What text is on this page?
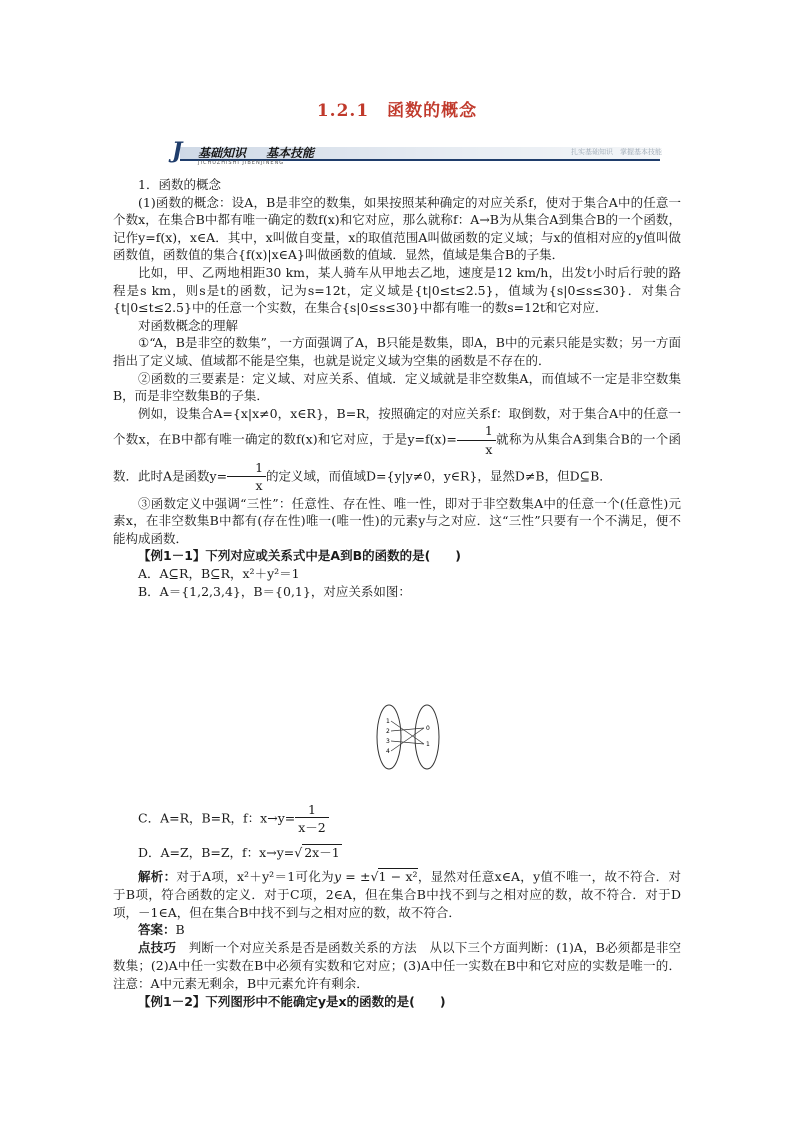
1.2.1　函数的概念
J 基础知识 基本技能
JICHUZHISHI JIBENJINENG
扎实基础知识　掌握基本技能

1．函数的概念

(1)函数的概念：设A，B是非空的数集，如果按照某种确定的对应关系f，使对于集合A中的任意一个数x，在集合B中都有唯一确定的数f(x)和它对应，那么就称f：A→B为从集合A到集合B的一个函数，记作y=f(x)，x∈A．其中，x叫做自变量，x的取值范围A叫做函数的定义域；与x的值相对应的y值叫做函数值，函数值的集合{f(x)|x∈A}叫做函数的值域．显然，值域是集合B的子集．

比如，甲、乙两地相距30 km，某人骑车从甲地去乙地，速度是12 km/h，出发t小时后行驶的路程是s km，则s是t的函数，记为s=12t，定义域是{t|0≤t≤2.5}，值域为{s|0≤s≤30}．对集合{t|0≤t≤2.5}中的任意一个实数，在集合{s|0≤s≤30}中都有唯一的数s=12t和它对应．

对函数概念的理解

①“A，B是非空的数集”，一方面强调了A，B只能是数集，即A，B中的元素只能是实数；另一方面指出了定义域、值域都不能是空集，也就是说定义域为空集的函数是不存在的．

②函数的三要素是：定义域、对应关系、值域．定义域就是非空数集A，而值域不一定是非空数集B，而是非空数集B的子集．

例如，设集合A={x|x≠0，x∈R}，B=R，按照确定的对应关系f：取倒数，对于集合A中的任意一个数x，在B中都有唯一确定的数f(x)和它对应，于是$y=f(x)= \frac{1}{x}$ 就称为从集合A到集合B的一个函数．此时A是函数$y= \frac{1}{x}$ 的定义域，而值域D={y|y≠0，y∈R}，显然D≠B，但D⊆B．

③函数定义中强调“三性”：任意性、存在性、唯一性，即对于非空数集A中的任意一个(任意性)元素x，在非空数集B中都有(存在性)唯一(唯一性)的元素y与之对应．这“三性”只要有一个不满足，便不能构成函数．

【例1－1】下列对应或关系式中是A到B的函数的是(　　)

A．A⊆R，B⊆R，x²＋y²＝1

B．A＝{1,2,3,4}，B＝{0,1}，对应关系如图：

1
2
3
4
0
1
C．A=R，B=R，f：$x\to y= \frac{1}{x-2}$
D．A=Z，B=Z，f：x→y=√ 2x－1

解析：对于A项，x²＋y²＝1可化为y = ±√1 − x²，显然对任意x∈A，y值不唯一，故不符合．对于B项，符合函数的定义．对于C项，2∈A，但在集合B中找不到与之相对应的数，故不符合．对于D项，－1∈A，但在集合B中找不到与之相对应的数，故不符合．

答案：B

点技巧　 判断一个对应关系是否是函数关系的方法　从以下三个方面判断：(1)A，B必须都是非空数集；(2)A中任一实数在B中必须有实数和它对应；(3)A中任一实数在B中和它对应的实数是唯一的．注意：A中元素无剩余，B中元素允许有剩余．

【例1－2】下列图形中不能确定y是x的函数的是(　　)
